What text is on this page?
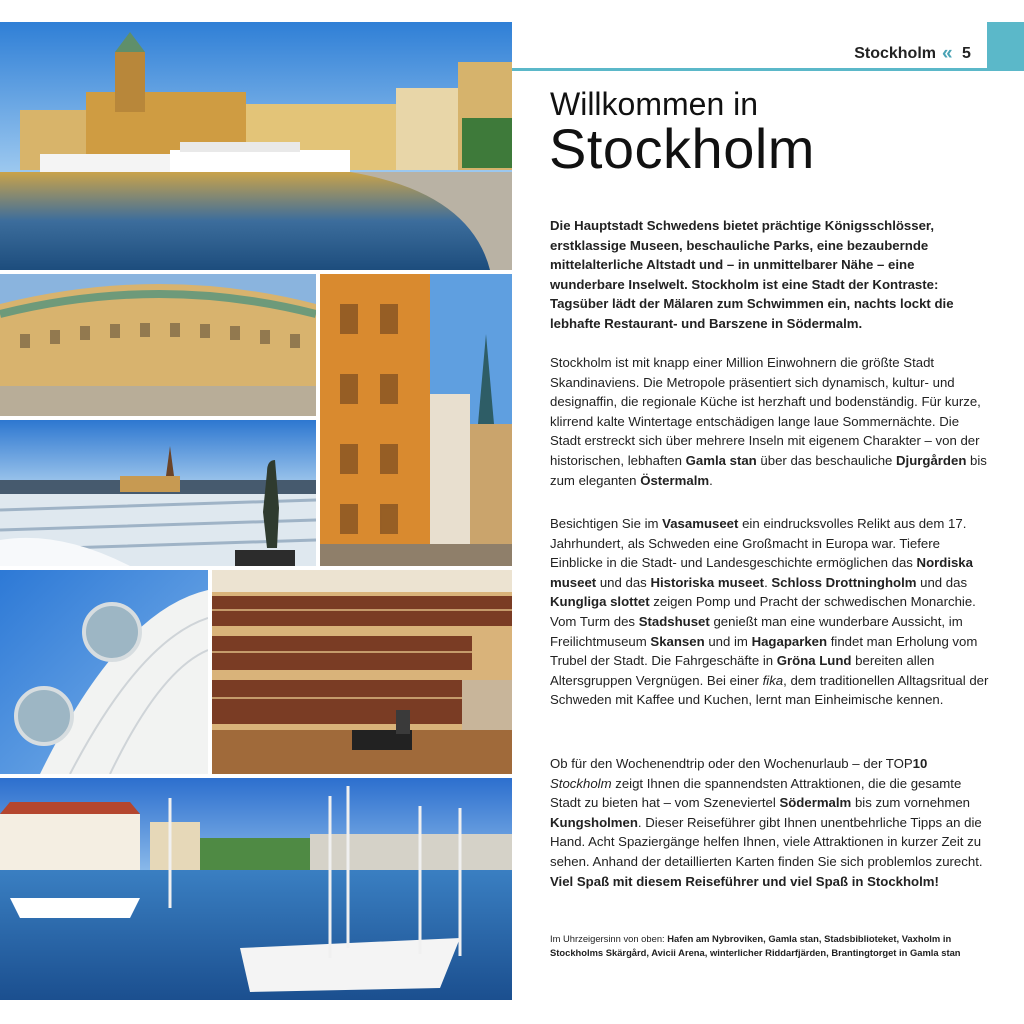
Stockholm « 5
Willkommen in
Stockholm
Die Hauptstadt Schwedens bietet prächtige Königsschlösser, erstklassige Museen, beschauliche Parks, eine bezaubernde mittelalterliche Altstadt und – in unmittelbarer Nähe – eine wunderbare Inselwelt. Stockholm ist eine Stadt der Kontraste: Tagsüber lädt der Mälaren zum Schwimmen ein, nachts lockt die lebhafte Restaurant- und Barszene in Södermalm.
Stockholm ist mit knapp einer Million Einwohnern die größte Stadt Skandinaviens. Die Metropole präsentiert sich dynamisch, kultur- und designaffin, die regionale Küche ist herzhaft und bodenständig. Für kurze, klirrend kalte Wintertage entschädigen lange laue Sommernächte. Die Stadt erstreckt sich über mehrere Inseln mit eigenem Charakter – von der historischen, lebhaften Gamla stan über das beschauliche Djurgården bis zum eleganten Östermalm.
Besichtigen Sie im Vasamuseet ein eindrucksvolles Relikt aus dem 17. Jahrhundert, als Schweden eine Großmacht in Europa war. Tiefere Einblicke in die Stadt- und Landesgeschichte ermöglichen das Nordiska museet und das Historiska museet. Schloss Drottningholm und das Kungliga slottet zeigen Pomp und Pracht der schwedischen Monarchie. Vom Turm des Stadshuset genießt man eine wunderbare Aussicht, im Freilichtmuseum Skansen und im Hagaparken findet man Erholung vom Trubel der Stadt. Die Fahrgeschäfte in Gröna Lund bereiten allen Altersgruppen Vergnügen. Bei einer fika, dem traditionellen Alltagsritual der Schweden mit Kaffee und Kuchen, lernt man Einheimische kennen.
Ob für den Wochenendtrip oder den Wochenurlaub – der TOP10 Stockholm zeigt Ihnen die spannendsten Attraktionen, die die gesamte Stadt zu bieten hat – vom Szeneviertel Södermalm bis zum vornehmen Kungsholmen. Dieser Reiseführer gibt Ihnen unentbehrliche Tipps an die Hand. Acht Spaziergänge helfen Ihnen, viele Attraktionen in kurzer Zeit zu sehen. Anhand der detaillierten Karten finden Sie sich problemlos zurecht. Viel Spaß mit diesem Reiseführer und viel Spaß in Stockholm!
Im Uhrzeigersinn von oben: Hafen am Nybroviken, Gamla stan, Stadsbiblioteket, Vaxholm in Stockholms Skärgård, Avicii Arena, winterlicher Riddarfjärden, Brantingtorget in Gamla stan
